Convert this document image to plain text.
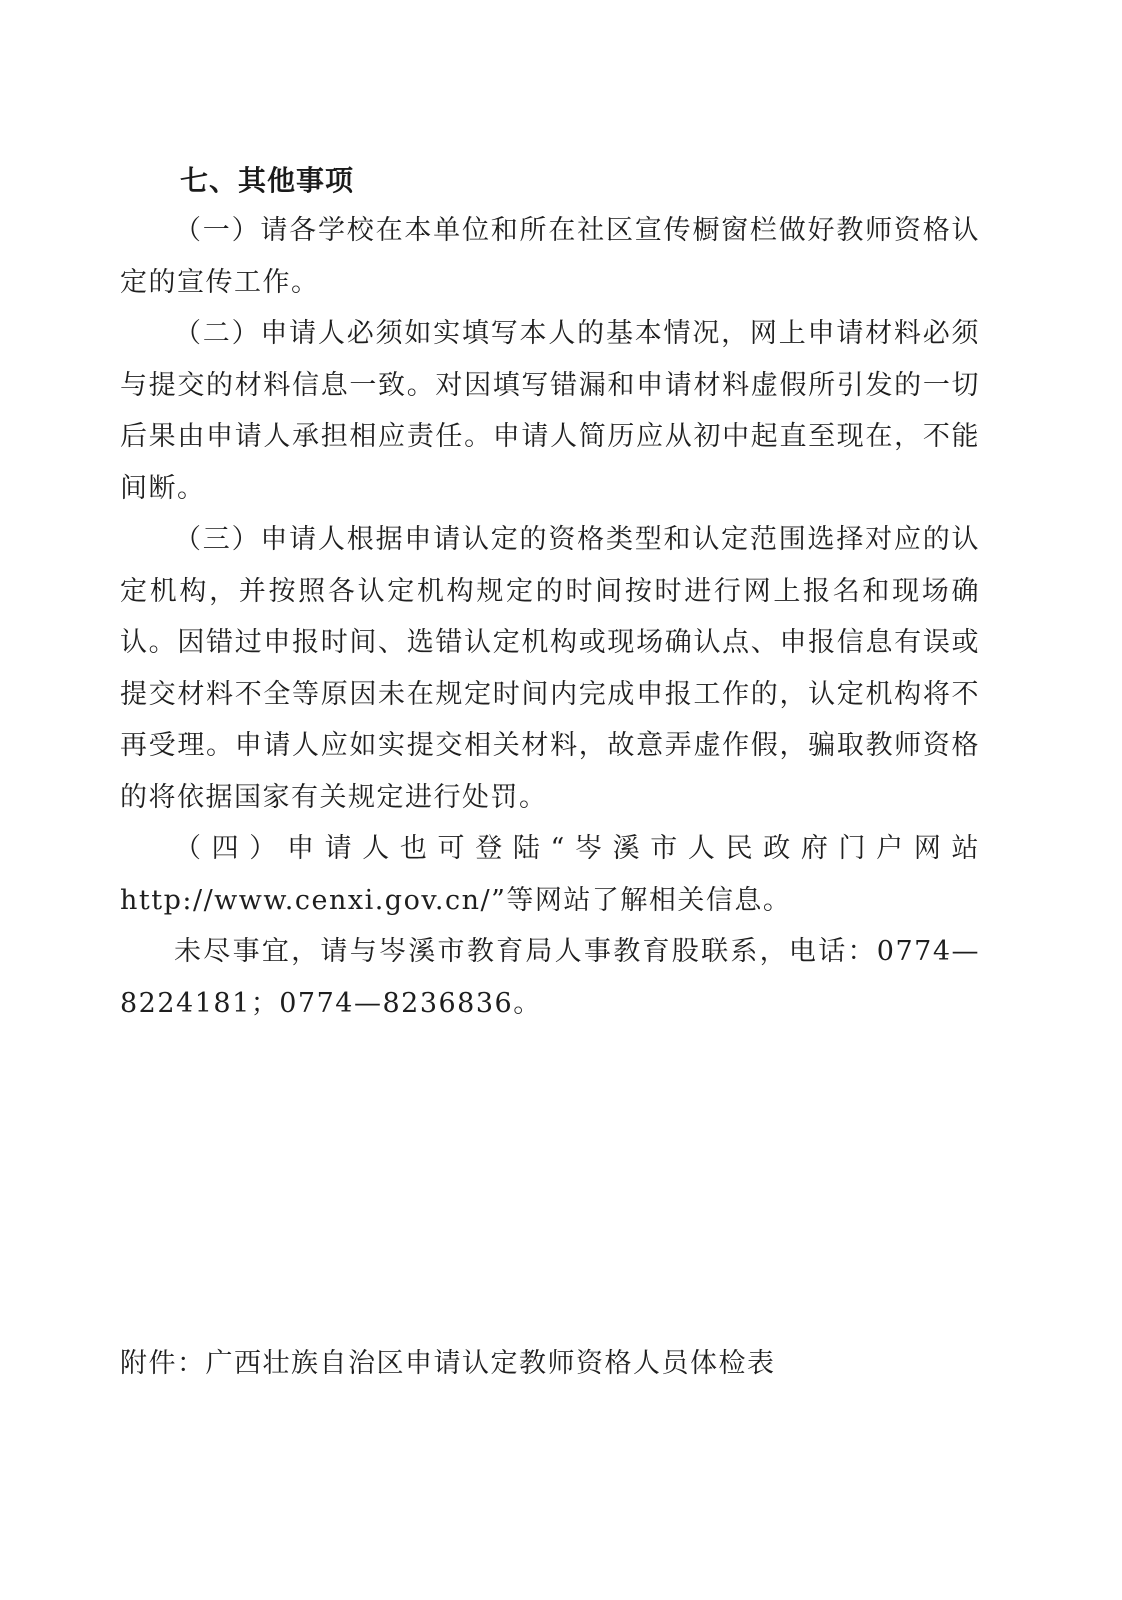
七、其他事项

（一）请各学校在本单位和所在社区宣传橱窗栏做好教师资格认定的宣传工作。

（二）申请人必须如实填写本人的基本情况，网上申请材料必须与提交的材料信息一致。对因填写错漏和申请材料虚假所引发的一切后果由申请人承担相应责任。申请人简历应从初中起直至现在，不能间断。

（三）申请人根据申请认定的资格类型和认定范围选择对应的认定机构，并按照各认定机构规定的时间按时进行网上报名和现场确认。因错过申报时间、选错认定机构或现场确认点、申报信息有误或提交材料不全等原因未在规定时间内完成申报工作的，认定机构将不再受理。申请人应如实提交相关材料，故意弄虚作假，骗取教师资格的将依据国家有关规定进行处罚。

（四）申请人也可登陆“岑溪市人民政府门户网站http://www.cenxi.gov.cn/”等网站了解相关信息。

未尽事宜，请与岑溪市教育局人事教育股联系，电话：0774—8224181；0774—8236836。

附件：广西壮族自治区申请认定教师资格人员体检表
